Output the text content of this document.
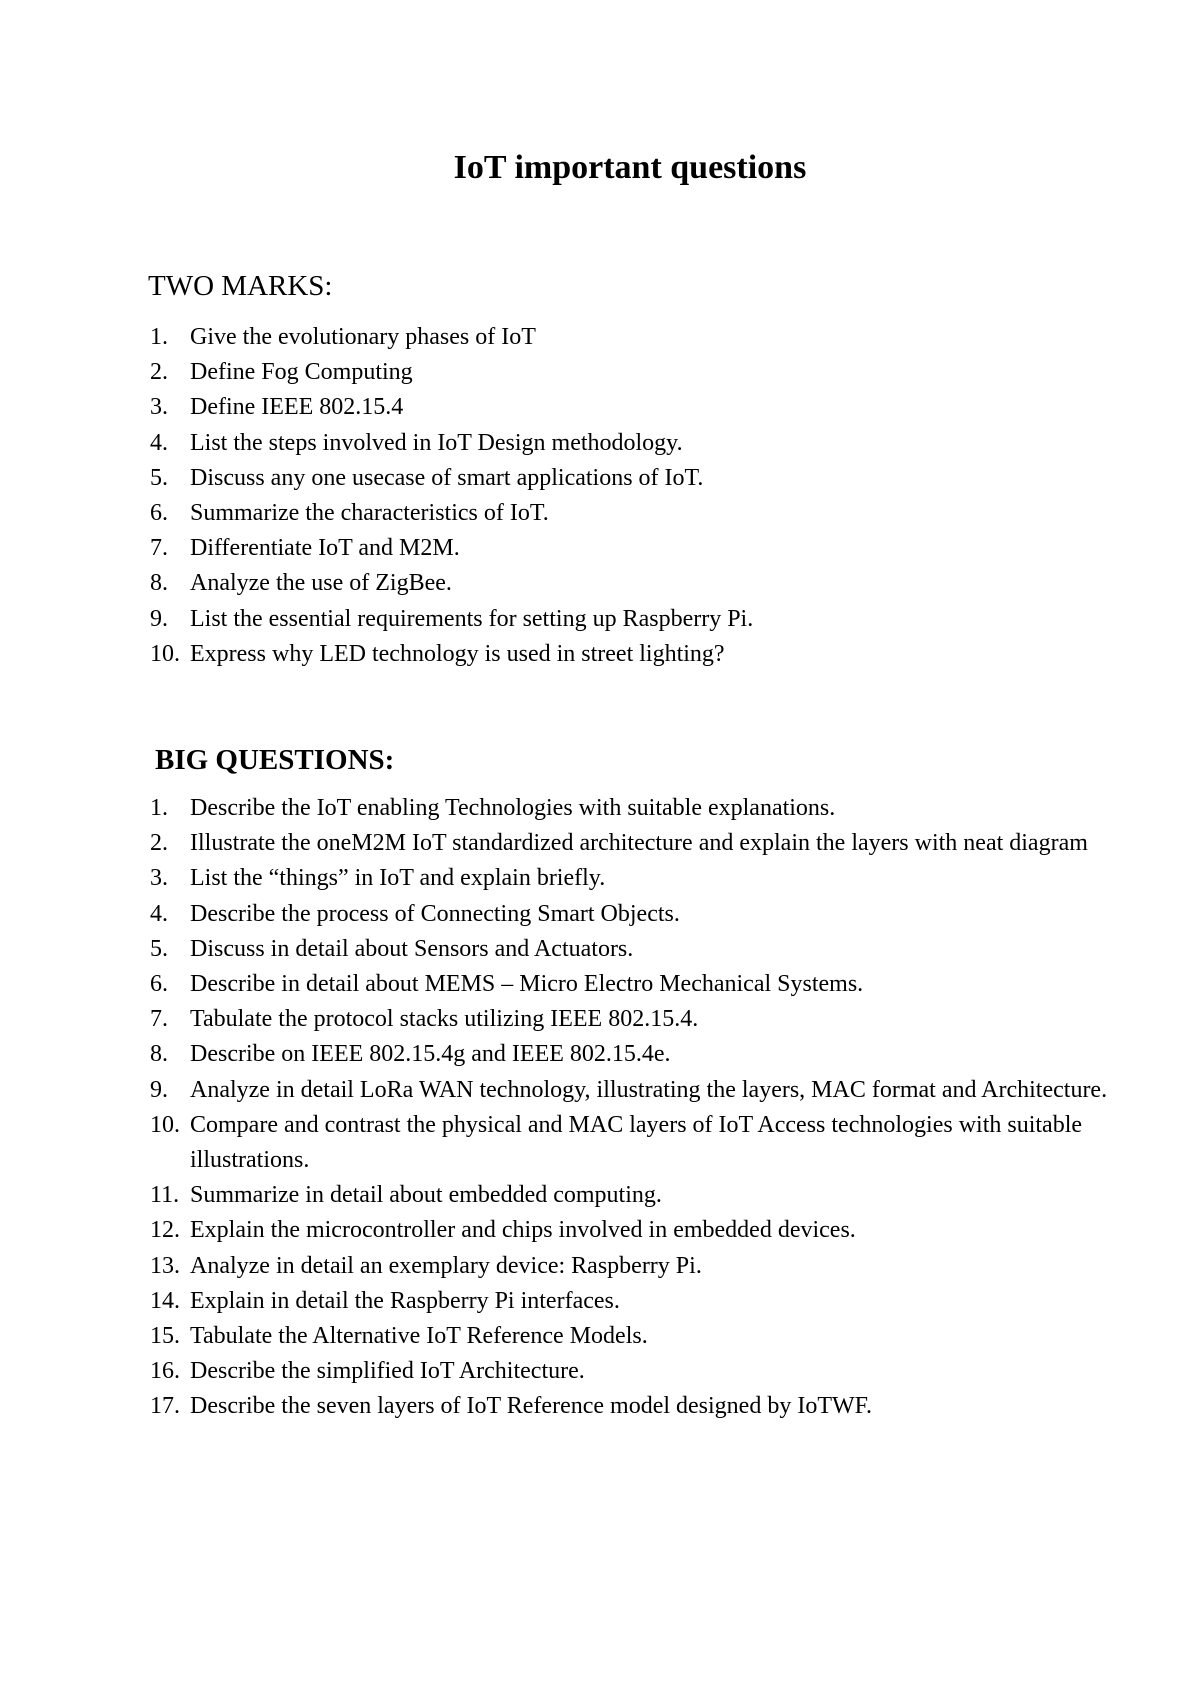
IoT important questions
TWO MARKS:
1. Give the evolutionary phases of IoT
2. Define Fog Computing
3. Define IEEE 802.15.4
4. List the steps involved in IoT Design methodology.
5. Discuss any one usecase of smart applications of IoT.
6. Summarize the characteristics of IoT.
7. Differentiate IoT and M2M.
8. Analyze the use of ZigBee.
9. List the essential requirements for setting up Raspberry Pi.
10. Express why LED technology is used in street lighting?
BIG QUESTIONS:
1. Describe the IoT enabling Technologies with suitable explanations.
2. Illustrate the oneM2M IoT standardized architecture and explain the layers with neat diagram
3. List the “things” in IoT and explain briefly.
4. Describe the process of Connecting Smart Objects.
5. Discuss in detail about Sensors and Actuators.
6. Describe in detail about MEMS – Micro Electro Mechanical Systems.
7. Tabulate the protocol stacks utilizing IEEE 802.15.4.
8. Describe on IEEE 802.15.4g and IEEE 802.15.4e.
9. Analyze in detail LoRa WAN technology, illustrating the layers, MAC format and Architecture.
10. Compare and contrast the physical and MAC layers of IoT Access technologies with suitable illustrations.
11. Summarize in detail about embedded computing.
12. Explain the microcontroller and chips involved in embedded devices.
13. Analyze in detail an exemplary device: Raspberry Pi.
14. Explain in detail the Raspberry Pi interfaces.
15. Tabulate the Alternative IoT Reference Models.
16. Describe the simplified IoT Architecture.
17. Describe the seven layers of IoT Reference model designed by IoTWF.
